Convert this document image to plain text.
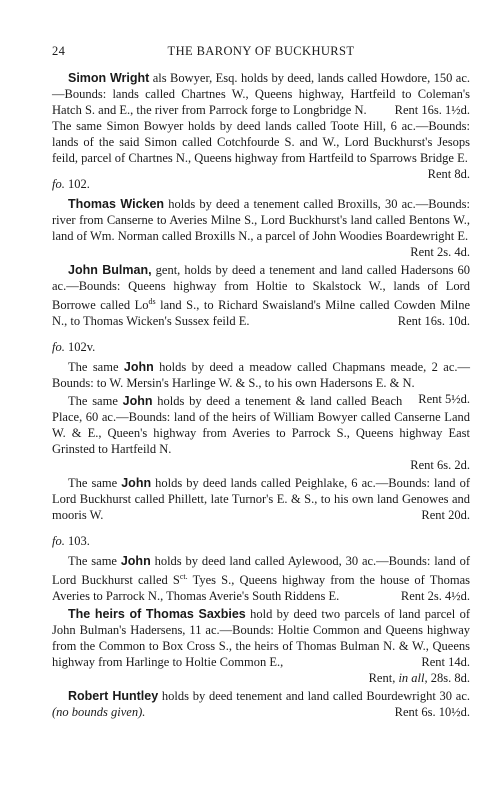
24	THE BARONY OF BUCKHURST

Simon Wright als Bowyer, Esq. holds by deed, lands called Howdore, 150 ac.—Bounds: lands called Chartnes W., Queens highway, Hartfeild to Coleman's Hatch S. and E., the river from Parrock forge to Longbridge N.	Rent 16s. 1½d.

The same Simon Bowyer holds by deed lands called Toote Hill, 6 ac.—Bounds: lands of the said Simon called Cotchfourde S. and W., Lord Buckhurst's Jesops feild, parcel of Chartnes N., Queens highway from Hartfeild to Sparrows Bridge E.
Rent 8d.

fo. 102.

Thomas Wicken holds by deed a tenement called Broxills, 30 ac.—Bounds: river from Canserne to Averies Milne S., Lord Buckhurst's land called Bentons W., land of Wm. Norman called Broxills N., a parcel of John Woodies Boardewright E.

Rent 2s. 4d.

John Bulman, gent, holds by deed a tenement and land called Hadersons 60 ac.—Bounds: Queens highway from Holtie to Skalstock W., lands of Lord Borrowe called $Lo^{ds}$ land S., to Richard Swaisland's Milne called Cowden Milne N., to Thomas Wicken's Sussex feild E.	Rent 16s. 10d.

fo. 102v.

The same John holds by deed a meadow called Chapmans meade, 2 ac.—Bounds: to W. Mersin's Harlinge W. & S., to his own Hadersons E. & N.
Rent 5½d.

The same John holds by deed a tenement & land called Beach Place, 60 ac.—Bounds: land of the heirs of William Bowyer called Canserne Land W. & E., Queen's highway from Averies to Parrock S., Queens highway East Grinsted to Hartfeild N.

Rent 6s. 2d.

The same John holds by deed lands called Peighlake, 6 ac.—Bounds: land of Lord Buckhurst called Phillett, late Turnor's E. & S., to his own land Genowes and mooris W.	Rent 20d.

fo. 103.

The same John holds by deed land called Aylewood, 30 ac.—Bounds: land of Lord Buckhurst called $S^{ct.}$ Tyes S., Queens highway from the house of Thomas Averies to Parrock N., Thomas Averie's South Riddens E.	Rent 2s. 4½d.

The heirs of Thomas Saxbies hold by deed two parcels of land parcel of John Bulman's Hadersens, 11 ac.—Bounds: Holtie Common and Queens highway from the Common to Box Cross S., the heirs of Thomas Bulman N. & W., Queens highway from Harlinge to Holtie Common E.,	Rent 14d.

Rent, in all, 28s. 8d.

Robert Huntley holds by deed tenement and land called Bourdewright 30 ac. (no bounds given).	Rent 6s. 10½d.
